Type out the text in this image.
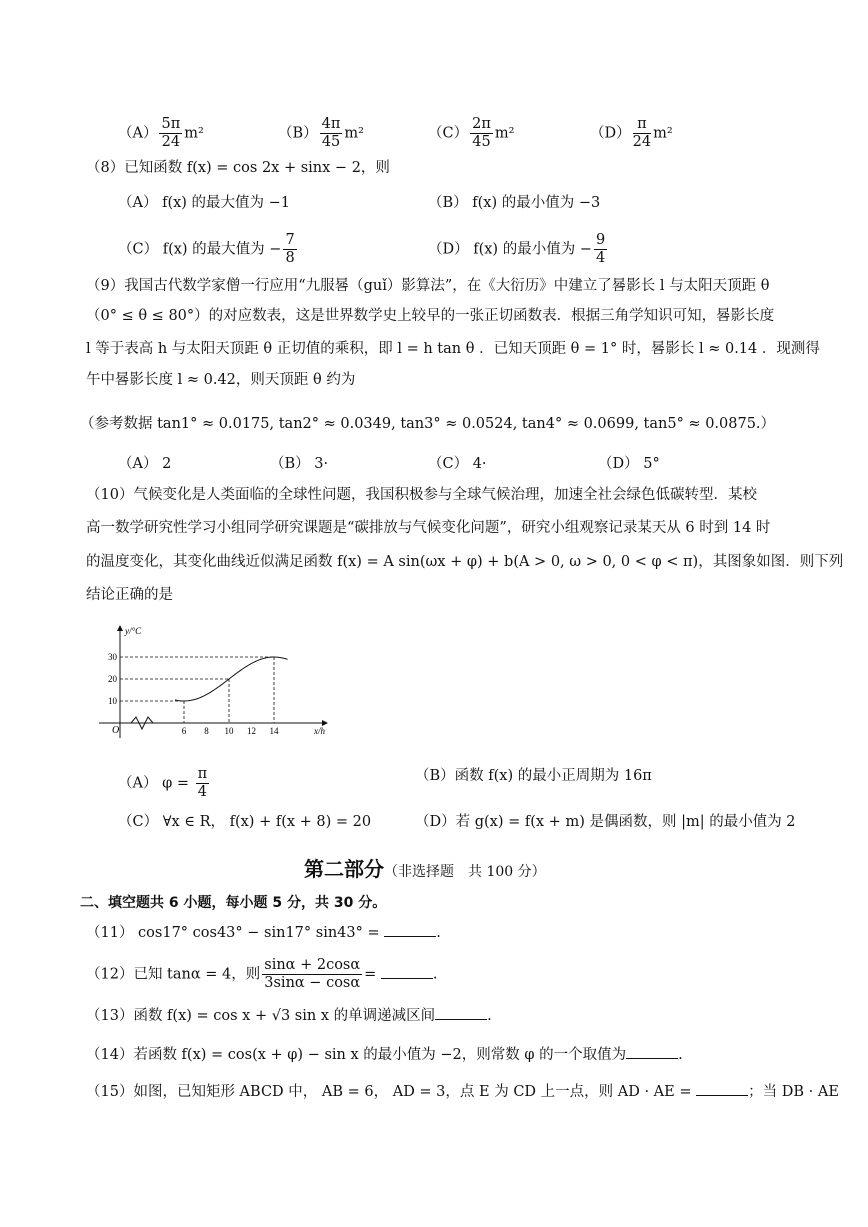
$(A) \frac{5\pi}{24} m^2$	$(B) \frac{4\pi}{45} m^2$	$(C) \frac{2\pi}{45} m^2$	$(D) \frac{\pi}{24} m^2$
（8）已知函数 f(x) = cos 2x + sinx − 2，则
（A） f(x) 的最大值为 −1	（B） f(x) 的最小值为 −3
（C） f(x) 的最大值为 − $\frac{7}{8}$	（D） f(x) 的最小值为 − $\frac{9}{4}$
（9）我国古代数学家僧一行应用“九服晷（guǐ）影算法”，在《大衍历》中建立了晷影长 l 与太阳天顶距 θ
（0° ≤ θ ≤ 80°）的对应数表，这是世界数学史上较早的一张正切函数表．根据三角学知识可知，晷影长度
l 等于表高 h 与太阳天顶距 θ 正切值的乘积，即 l = h tan θ ．已知天顶距 θ = 1° 时，晷影长 l ≈ 0.14 ．现测得
午中晷影长度 l ≈ 0.42，则天顶距 θ 约为
（参考数据 tan1° ≈ 0.0175, tan2° ≈ 0.0349, tan3° ≈ 0.0524, tan4° ≈ 0.0699, tan5° ≈ 0.0875.）
（A） 2	（B） 3·	（C） 4·	（D） 5°
（10）气候变化是人类面临的全球性问题，我国积极参与全球气候治理，加速全社会绿色低碳转型．某校
高一数学研究性学习小组同学研究课题是“碳排放与气候变化问题”，研究小组观察记录某天从 6 时到 14 时
的温度变化，其变化曲线近似满足函数 f(x) = A sin(ωx + φ) + b(A > 0, ω > 0, 0 < φ < π)，其图象如图．则下列
结论正确的是
y/°C
x/h
O	6 8 10 12 14
10
20
30
（A） $\varphi = \frac{\pi}{4}$	（B）函数 f(x) 的最小正周期为 16π
（C） ∀x ∈ R， f(x) + f(x + 8) = 20	（D）若 g(x) = f(x + m) 是偶函数，则 |m| 的最小值为 2
第二部分（非选择题　共 100 分）
二、填空题共 6 小题，每小题 5 分，共 30 分。
（11） cos17° cos43° − sin17° sin43° =	.
（12）已知 tanα = 4，则 $\frac{\sin\alpha + 2\cos\alpha}{3\sin\alpha - \cos\alpha}$ =	.
（13）函数 f(x) = cos x + √3 sin x 的单调递减区间	.
（14）若函数 f(x) = cos(x + φ) − sin x 的最小值为 −2，则常数 φ 的一个取值为	.
（15）如图，已知矩形 ABCD 中， AB = 6， AD = 3，点 E 为 CD 上一点，则 AD · AE =	；当 DB · AE
